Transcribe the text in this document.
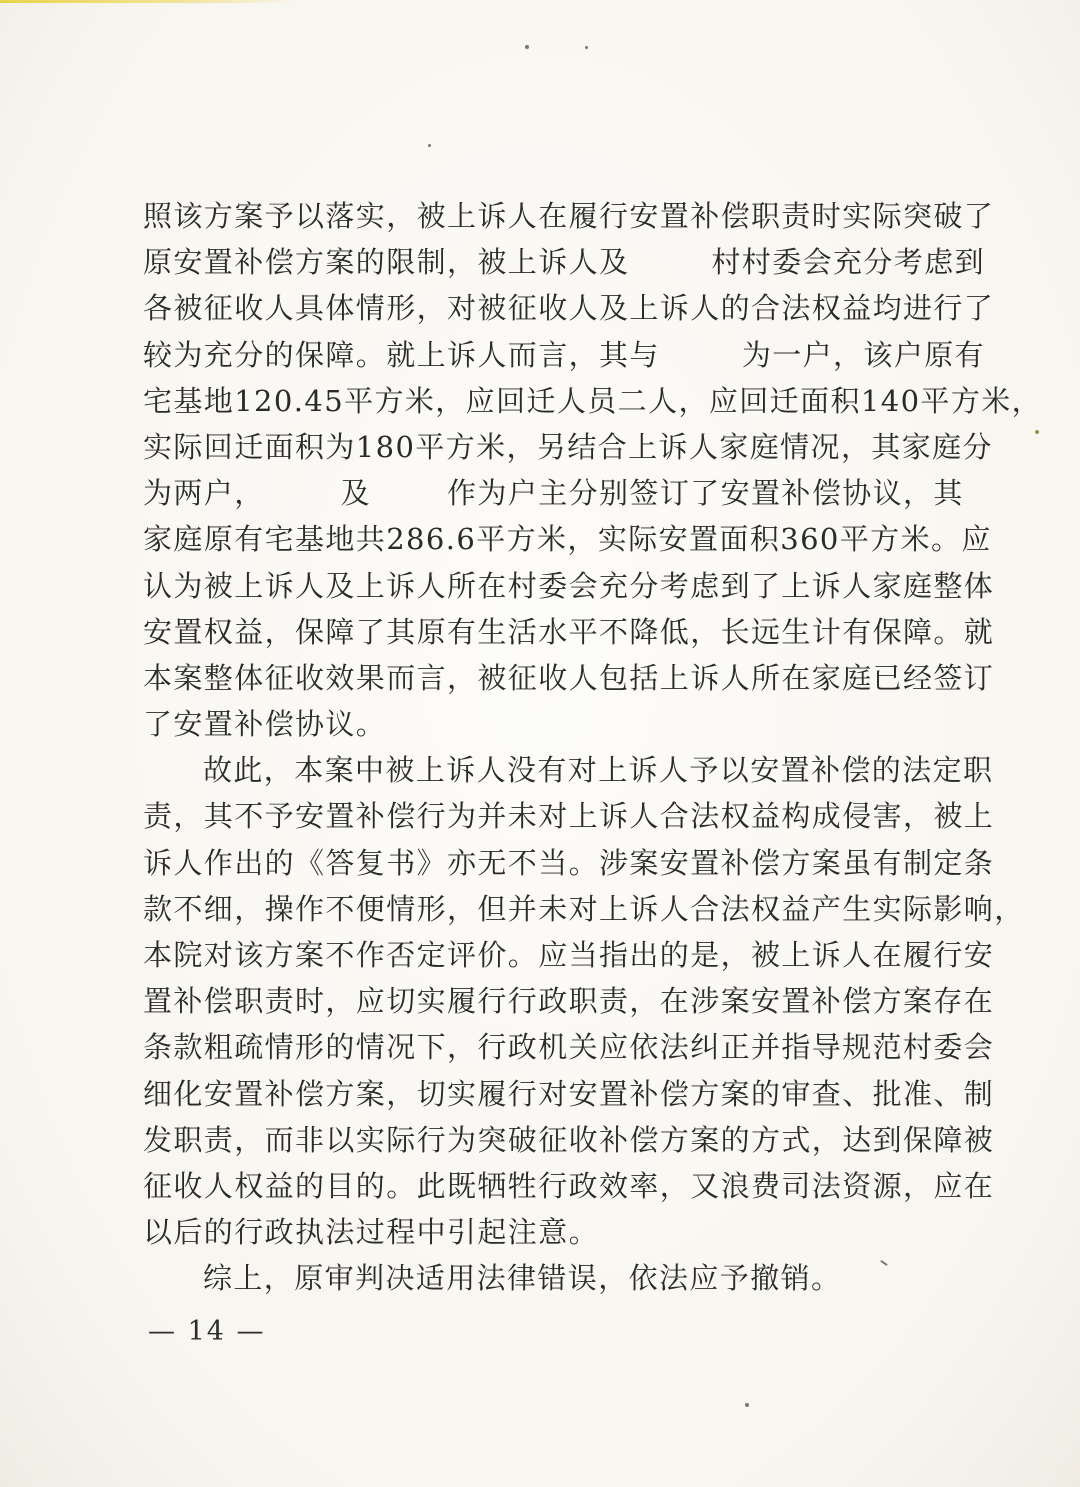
照该方案予以落实，被上诉人在履行安置补偿职责时实际突破了
原安置补偿方案的限制，被上诉人及	村村委会充分考虑到
各被征收人具体情形，对被征收人及上诉人的合法权益均进行了
较为充分的保障。就上诉人而言，其与	为一户，该户原有
宅基地120.45平方米，应回迁人员二人，应回迁面积140平方米，
实际回迁面积为180平方米，另结合上诉人家庭情况，其家庭分
为两户，	及	作为户主分别签订了安置补偿协议，其
家庭原有宅基地共286.6平方米，实际安置面积360平方米。应
认为被上诉人及上诉人所在村委会充分考虑到了上诉人家庭整体
安置权益，保障了其原有生活水平不降低，长远生计有保障。就
本案整体征收效果而言，被征收人包括上诉人所在家庭已经签订
了安置补偿协议。
故此，本案中被上诉人没有对上诉人予以安置补偿的法定职
责，其不予安置补偿行为并未对上诉人合法权益构成侵害，被上
诉人作出的《答复书》亦无不当。涉案安置补偿方案虽有制定条
款不细，操作不便情形，但并未对上诉人合法权益产生实际影响，
本院对该方案不作否定评价。应当指出的是，被上诉人在履行安
置补偿职责时，应切实履行行政职责，在涉案安置补偿方案存在
条款粗疏情形的情况下，行政机关应依法纠正并指导规范村委会
细化安置补偿方案，切实履行对安置补偿方案的审查、批准、制
发职责，而非以实际行为突破征收补偿方案的方式，达到保障被
征收人权益的目的。此既牺牲行政效率，又浪费司法资源，应在
以后的行政执法过程中引起注意。
综上，原审判决适用法律错误，依法应予撤销。
— 14 —
